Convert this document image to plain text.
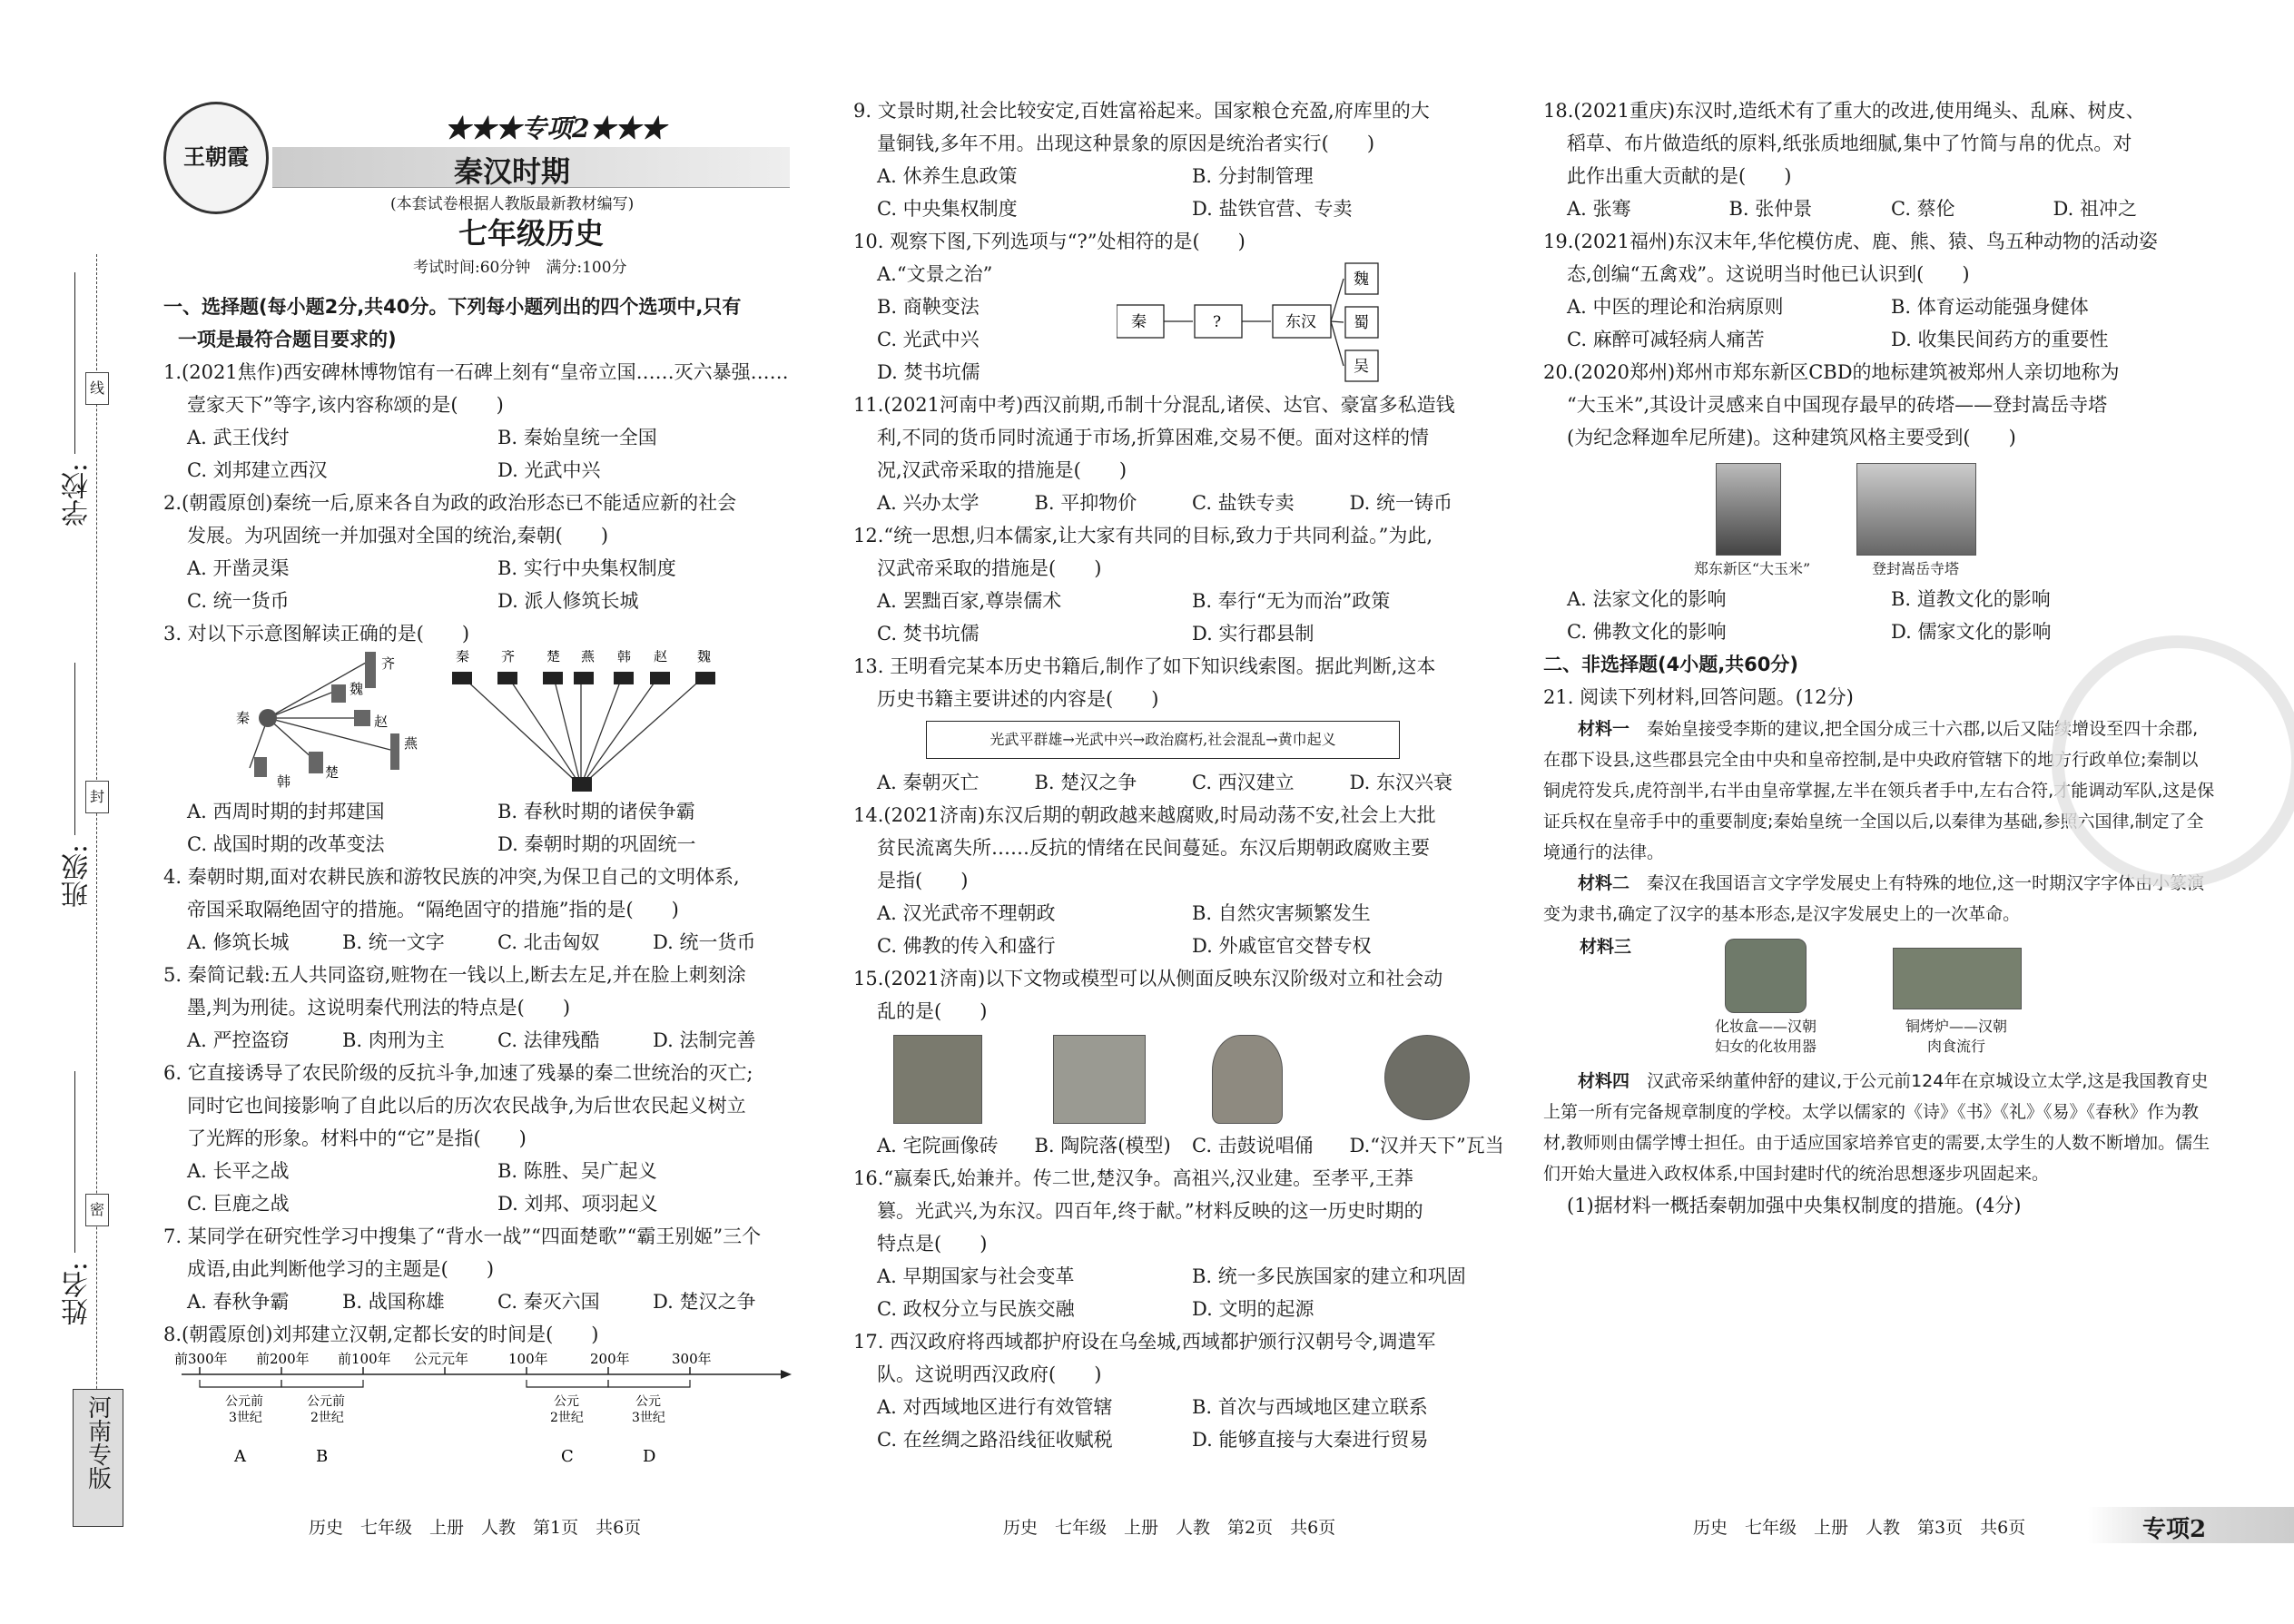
学校:
班级:
姓名:
线
封
密
河南专版
王朝霞
★★★专项2★★★
秦汉时期
(本套试卷根据人教版最新教材编写)
七年级历史
考试时间:60分钟　满分:100分
一、选择题(每小题2分,共40分。下列每小题列出的四个选项中,只有
一项是最符合题目要求的)
1.(2021焦作)西安碑林博物馆有一石碑上刻有“皇帝立国……灭六暴强……
壹家天下”等字,该内容称颂的是(　　)
A. 武王伐纣	B. 秦始皇统一全国
C. 刘邦建立西汉	D. 光武中兴
2.(朝霞原创)秦统一后,原来各自为政的政治形态已不能适应新的社会
发展。为巩固统一并加强对全国的统治,秦朝(　　)
A. 开凿灵渠	B. 实行中央集权制度
C. 统一货币	D. 派人修筑长城
3. 对以下示意图解读正确的是(　　)
齐
魏
秦	赵
燕
韩
楚
秦 齐 楚 燕 韩 赵 魏
A. 西周时期的封邦建国	B. 春秋时期的诸侯争霸
C. 战国时期的改革变法	D. 秦朝时期的巩固统一
4. 秦朝时期,面对农耕民族和游牧民族的冲突,为保卫自己的文明体系,
帝国采取隔绝固守的措施。“隔绝固守的措施”指的是(　　)
A. 修筑长城	B. 统一文字	C. 北击匈奴	D. 统一货币
5. 秦简记载:五人共同盗窃,赃物在一钱以上,断去左足,并在脸上刺刻涂
墨,判为刑徒。这说明秦代刑法的特点是(　　)
A. 严控盗窃	B. 肉刑为主	C. 法律残酷	D. 法制完善
6. 它直接诱导了农民阶级的反抗斗争,加速了残暴的秦二世统治的灭亡;
同时它也间接影响了自此以后的历次农民战争,为后世农民起义树立
了光辉的形象。材料中的“它”是指(　　)
A. 长平之战	B. 陈胜、吴广起义
C. 巨鹿之战	D. 刘邦、项羽起义
7. 某同学在研究性学习中搜集了“背水一战”“四面楚歌”“霸王别姬”三个
成语,由此判断他学习的主题是(　　)
A. 春秋争霸	B. 战国称雄	C. 秦灭六国	D. 楚汉之争
8.(朝霞原创)刘邦建立汉朝,定都长安的时间是(　　)
前300年 前200年 前100年 公元元年	100年	200年	300年
公元前
3世纪
A
公元前
2世纪
B
公元
2世纪
C
公元
3世纪
D
历史　七年级　上册　人教　第1页　共6页
9. 文景时期,社会比较安定,百姓富裕起来。国家粮仓充盈,府库里的大
量铜钱,多年不用。出现这种景象的原因是统治者实行(　　)
A. 休养生息政策	B. 分封制管理
C. 中央集权制度	D. 盐铁官营、专卖
10. 观察下图,下列选项与“?”处相符的是(　　)
A.“文景之治”
B. 商鞅变法
C. 光武中兴
D. 焚书坑儒
秦	?	东汉
魏
蜀
吴
11.(2021河南中考)西汉前期,币制十分混乱,诸侯、达官、豪富多私造钱
利,不同的货币同时流通于市场,折算困难,交易不便。面对这样的情
况,汉武帝采取的措施是(　　)
A. 兴办太学	B. 平抑物价	C. 盐铁专卖	D. 统一铸币
12.“统一思想,归本儒家,让大家有共同的目标,致力于共同利益。”为此,
汉武帝采取的措施是(　　)
A. 罢黜百家,尊崇儒术	B. 奉行“无为而治”政策
C. 焚书坑儒	D. 实行郡县制
13. 王明看完某本历史书籍后,制作了如下知识线索图。据此判断,这本
历史书籍主要讲述的内容是(　　)
光武平群雄→光武中兴→政治腐朽,社会混乱→黄巾起义
A. 秦朝灭亡	B. 楚汉之争	C. 西汉建立	D. 东汉兴衰
14.(2021济南)东汉后期的朝政越来越腐败,时局动荡不安,社会上大批
贫民流离失所……反抗的情绪在民间蔓延。东汉后期朝政腐败主要
是指(　　)
A. 汉光武帝不理朝政	B. 自然灾害频繁发生
C. 佛教的传入和盛行	D. 外戚宦官交替专权
15.(2021济南)以下文物或模型可以从侧面反映东汉阶级对立和社会动
乱的是(　　)
A. 宅院画像砖	B. 陶院落(模型)	C. 击鼓说唱俑	D.“汉并天下”瓦当
16.“嬴秦氏,始兼并。传二世,楚汉争。高祖兴,汉业建。至孝平,王莽
篡。光武兴,为东汉。四百年,终于献。”材料反映的这一历史时期的
特点是(　　)
A. 早期国家与社会变革	B. 统一多民族国家的建立和巩固
C. 政权分立与民族交融	D. 文明的起源
17. 西汉政府将西域都护府设在乌垒城,西域都护颁行汉朝号令,调遣军
队。这说明西汉政府(　　)
A. 对西域地区进行有效管辖	B. 首次与西域地区建立联系
C. 在丝绸之路沿线征收赋税	D. 能够直接与大秦进行贸易
历史　七年级　上册　人教　第2页　共6页
18.(2021重庆)东汉时,造纸术有了重大的改进,使用绳头、乱麻、树皮、
稻草、布片做造纸的原料,纸张质地细腻,集中了竹简与帛的优点。对
此作出重大贡献的是(　　)
A. 张骞	B. 张仲景	C. 蔡伦	D. 祖冲之
19.(2021福州)东汉末年,华佗模仿虎、鹿、熊、猿、鸟五种动物的活动姿
态,创编“五禽戏”。这说明当时他已认识到(　　)
A. 中医的理论和治病原则	B. 体育运动能强身健体
C. 麻醉可减轻病人痛苦	D. 收集民间药方的重要性
20.(2020郑州)郑州市郑东新区CBD的地标建筑被郑州人亲切地称为
“大玉米”,其设计灵感来自中国现存最早的砖塔——登封嵩岳寺塔
(为纪念释迦牟尼所建)。这种建筑风格主要受到(　　)
郑东新区“大玉米”	登封嵩岳寺塔
A. 法家文化的影响	B. 道教文化的影响
C. 佛教文化的影响	D. 儒家文化的影响
二、非选择题(4小题,共60分)
21. 阅读下列材料,回答问题。(12分)
材料一　 秦始皇接受李斯的建议,把全国分成三十六郡,以后又陆续增设至四十余郡,在郡下设县,这些郡县完全由中央和皇帝控制,是中央政府管辖下的地方行政单位;秦制以铜虎符发兵,虎符剖半,右半由皇帝掌握,左半在领兵者手中,左右合符,才能调动军队,这是保证兵权在皇帝手中的重要制度;秦始皇统一全国以后,以秦律为基础,参照六国律,制定了全境通行的法律。
材料二　 秦汉在我国语言文字学发展史上有特殊的地位,这一时期汉字字体由小篆演变为隶书,确定了汉字的基本形态,是汉字发展史上的一次革命。
材料三
化妆盒——汉朝
妇女的化妆用器
铜烤炉——汉朝
肉食流行
材料四　 汉武帝采纳董仲舒的建议,于公元前124年在京城设立太学,这是我国教育史上第一所有完备规章制度的学校。太学以儒家的《诗》《书》《礼》《易》《春秋》作为教材,教师则由儒学博士担任。由于适应国家培养官吏的需要,太学生的人数不断增加。儒生们开始大量进入政权体系,中国封建时代的统治思想逐步巩固起来。
(1)据材料一概括秦朝加强中央集权制度的措施。(4分)
历史　七年级　上册　人教　第3页　共6页	专项2
